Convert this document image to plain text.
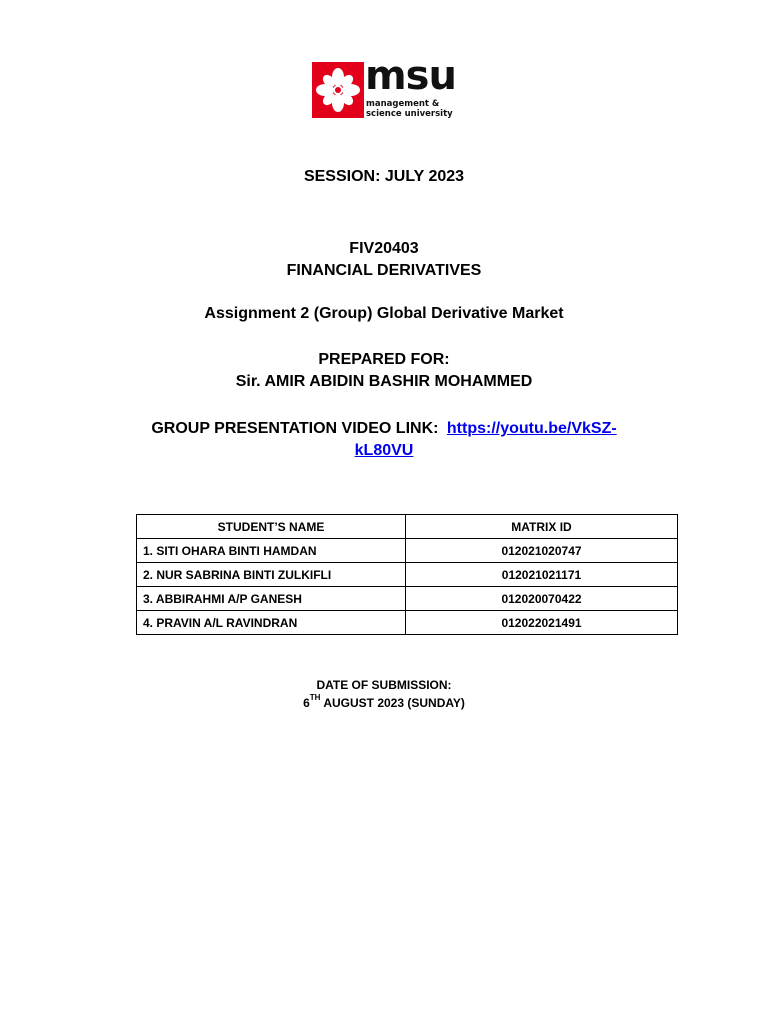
msu
management &
science university
SESSION: JULY 2023
FIV20403
FINANCIAL DERIVATIVES
Assignment 2 (Group) Global Derivative Market
PREPARED FOR:
Sir. AMIR ABIDIN BASHIR MOHAMMED
GROUP PRESENTATION VIDEO LINK: https://youtu.be/VkSZ-
kL80VU
STUDENT’S NAME	MATRIX ID
1. SITI OHARA BINTI HAMDAN	012021020747
2. NUR SABRINA BINTI ZULKIFLI	012021021171
3. ABBIRAHMI A/P GANESH	012020070422
4. PRAVIN A/L RAVINDRAN	012022021491
DATE OF SUBMISSION:
6TH AUGUST 2023 (SUNDAY)
